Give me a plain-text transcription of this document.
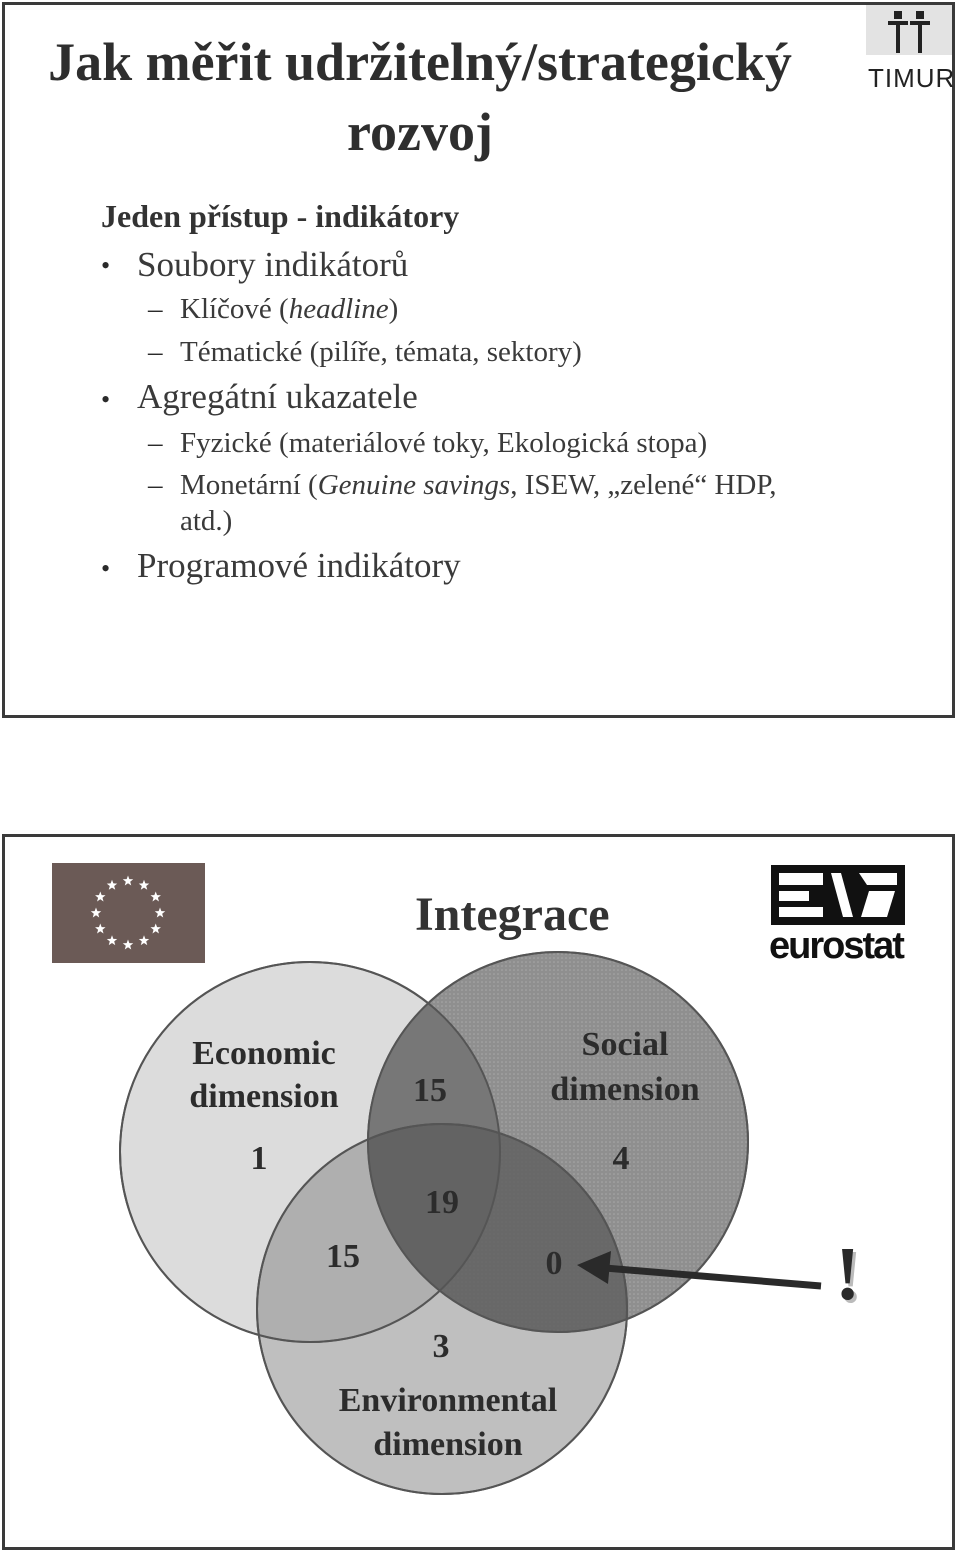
Jak měřit udržitelný/strategický
rozvoj
TIMUR
Jeden přístup - indikátory
• Soubory indikátorů
– Klíčové (headline)
– Tématické (pilíře, témata, sektory)
• Agregátní ukazatele
– Fyzické (materiálové toky, Ekologická stopa)
– Monetární (Genuine savings, ISEW, „zelené“ HDP,
atd.)
• Programové indikátory
Integrace
eurostat
Economic
dimension
Social
dimension
Environmental
dimension
1	4
3
15
15	0
19
!
